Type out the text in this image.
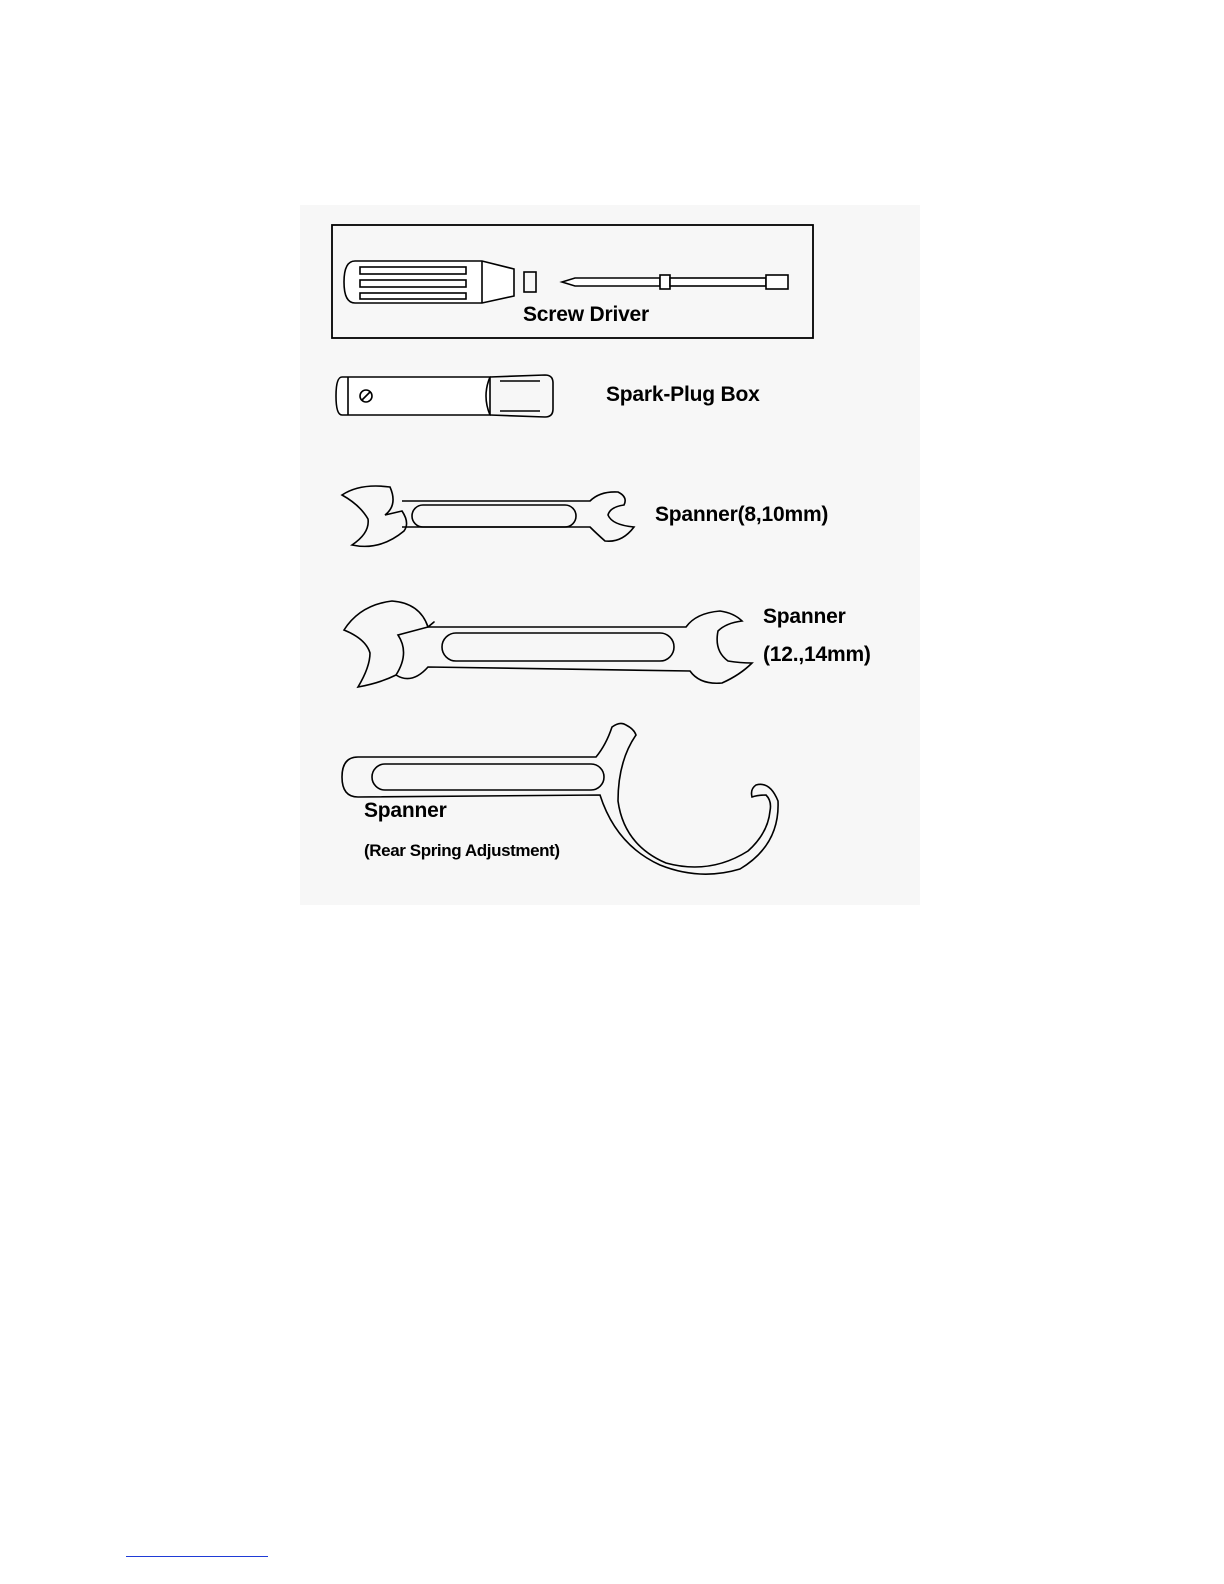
Screw Driver
Spark-Plug Box
Spanner(8,10mm)
Spanner
(12.,14mm)
Spanner
(Rear Spring Adjustment)
